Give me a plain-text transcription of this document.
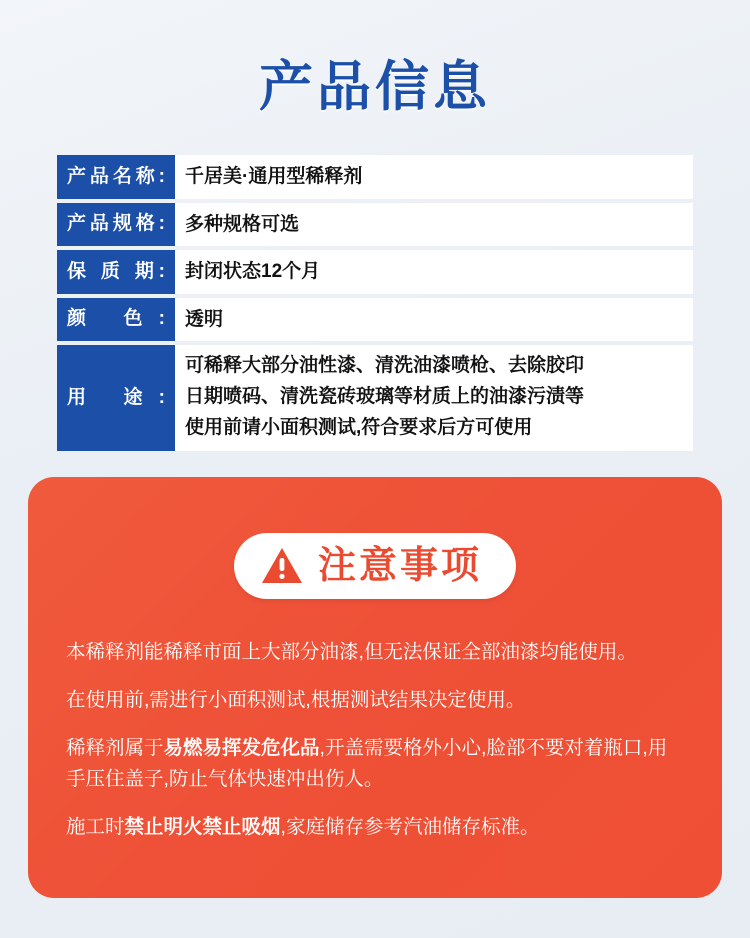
产品信息
产品名称:	千居美·通用型稀释剂
产品规格:	多种规格可选
保 质 期:	封闭状态12个月
颜 色:	透明
用 途:
可稀释大部分油性漆、清洗油漆喷枪、去除胶印
日期喷码、清洗瓷砖玻璃等材质上的油漆污渍等
使用前请小面积测试,符合要求后方可使用
注意事项

本稀释剂能稀释市面上大部分油漆,但无法保证全部油漆均能使用。

在使用前,需进行小面积测试,根据测试结果决定使用。

稀释剂属于易燃易挥发危化品,开盖需要格外小心,脸部不要对着瓶口,用手压住盖子,防止气体快速冲出伤人。

施工时禁止明火禁止吸烟,家庭储存参考汽油储存标准。
